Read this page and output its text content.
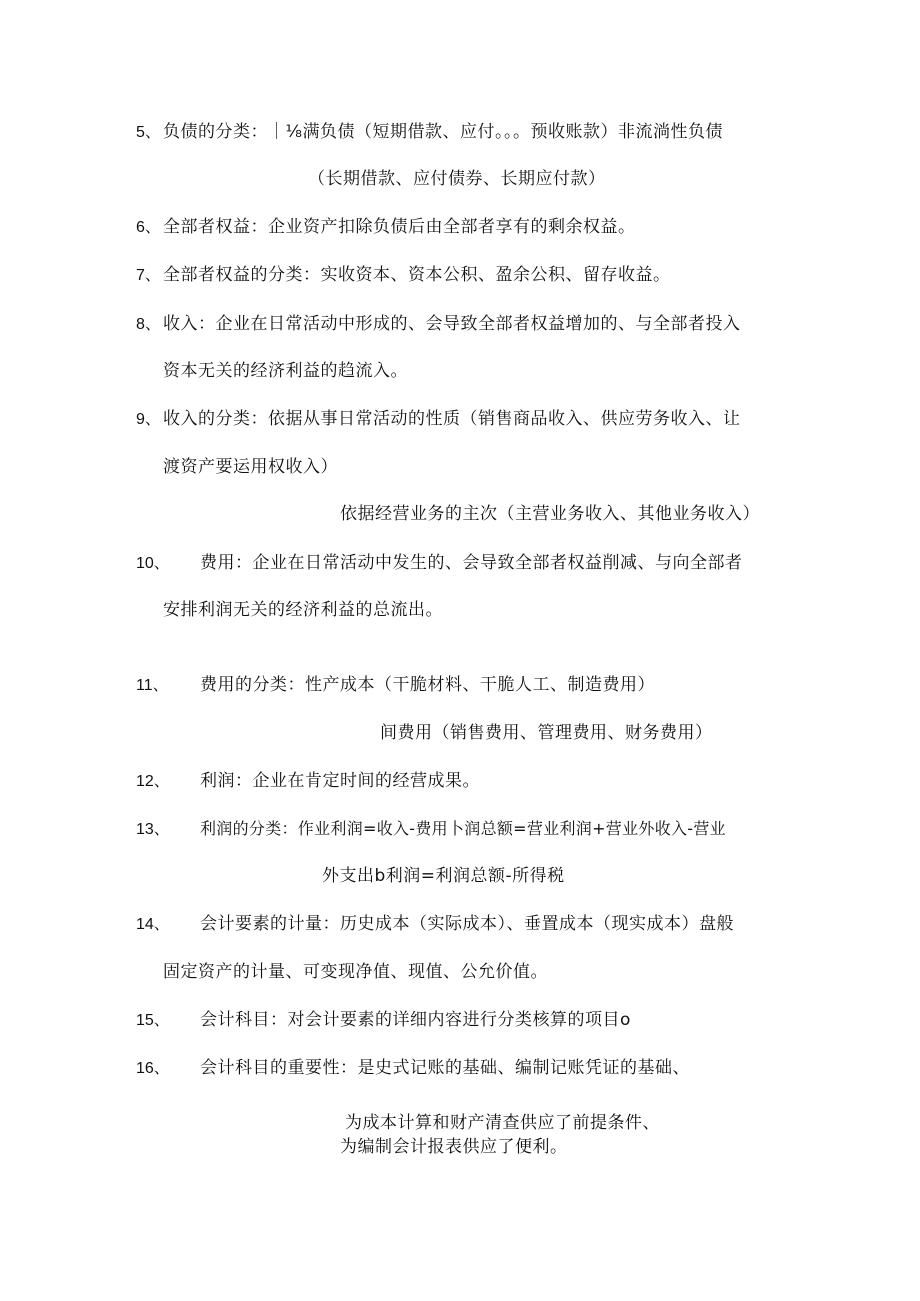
5、 负债的分类：｜⅛满负债（短期借款、应付。。。预收账款）非流淌性负债
（长期借款、应付债券、长期应付款）
6、 全部者权益：企业资产扣除负债后由全部者享有的剩余权益。
7、 全部者权益的分类：实收资本、资本公积、盈余公积、留存收益。
8、 收入：企业在日常活动中形成的、会导致全部者权益增加的、与全部者投入
资本无关的经济利益的趋流入。
9、 收入的分类：依据从事日常活动的性质（销售商品收入、供应劳务收入、让
渡资产要运用权收入）
依据经营业务的主次（主营业务收入、其他业务收入）
10、 费用：企业在日常活动中发生的、会导致全部者权益削减、与向全部者
安排利润无关的经济利益的总流出。
11、 费用的分类：性产成本（干脆材料、干脆人工、制造费用）
间费用（销售费用、管理费用、财务费用）
12、 利润：企业在肯定时间的经营成果。
13、 利润的分类：作业利润=收入-费用卜润总额=营业利润+营业外收入-营业
外支出b利润=利润总额-所得税
14、 会计要素的计量：历史成本（实际成本）、垂置成本（现实成本）盘般
固定资产的计量、可变现净值、现值、公允价值。
15、 会计科目：对会计要素的详细内容进行分类核算的项目o
16、 会计科目的重要性：是史式记账的基础、编制记账凭证的基础、
为成本计算和财产清查供应了前提条件、
为编制会计报表供应了便利。
